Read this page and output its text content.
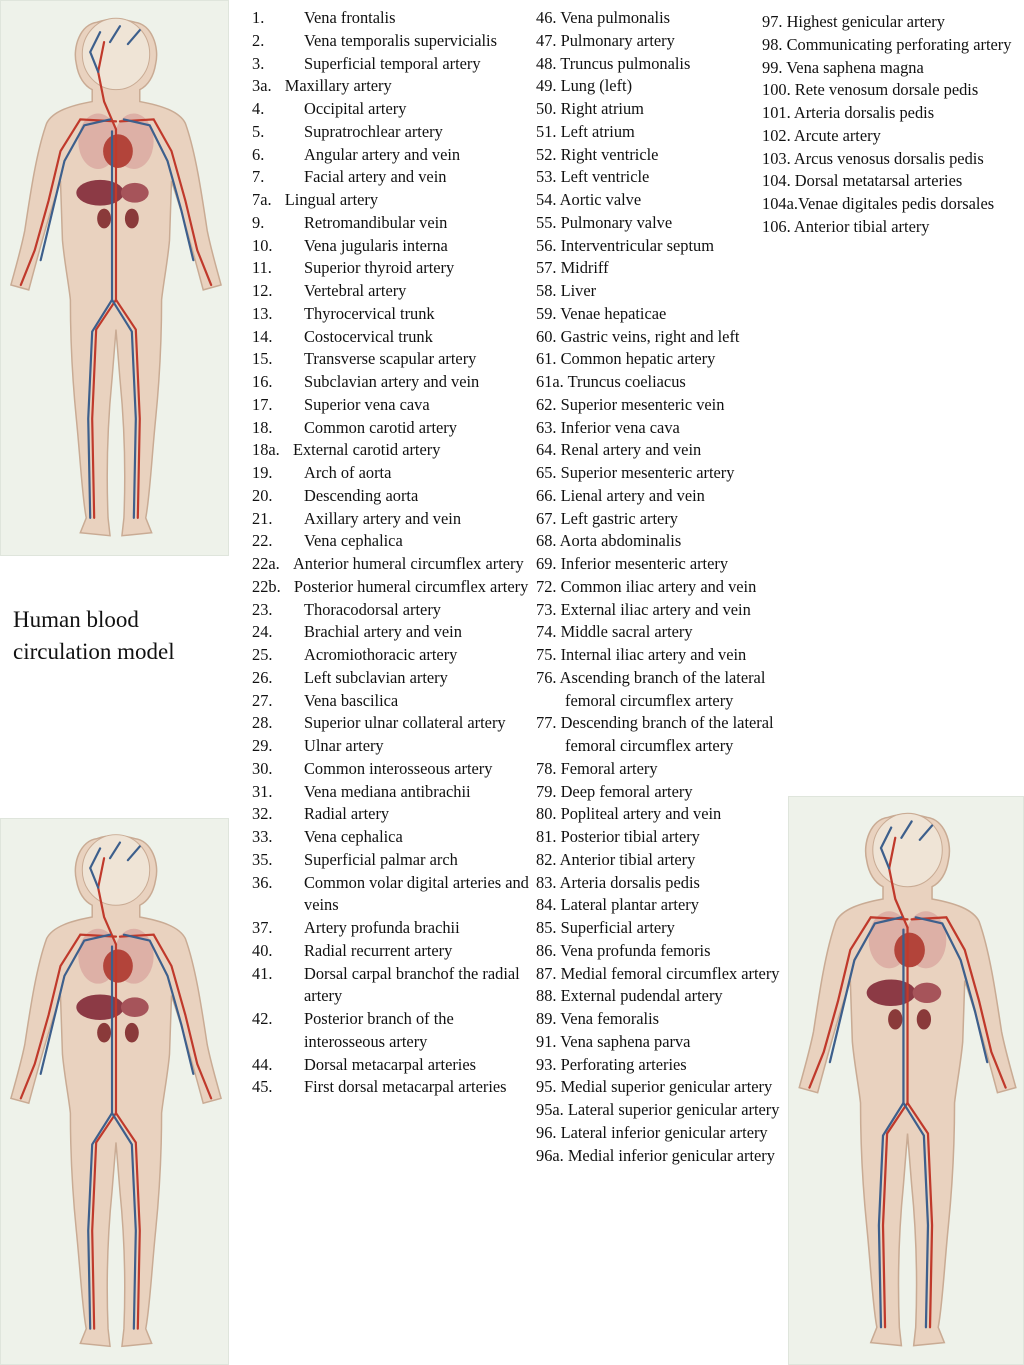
Human blood
circulation model
1.	Vena frontalis
2.	Vena temporalis supervicialis
3.	Superficial temporal artery
3a.  Maxillary artery
4.	Occipital artery
5.	Supratrochlear artery
6.	Angular artery and vein
7.	Facial artery and vein
7a.  Lingual artery
9.	Retromandibular vein
10.	Vena jugularis interna
11.	Superior thyroid artery
12.	Vertebral artery
13.	Thyrocervical trunk
14.	Costocervical trunk
15.	Transverse scapular artery
16.	Subclavian artery and vein
17.	Superior vena cava
18.	Common carotid artery
18a.  External carotid artery
19.	Arch of aorta
20.	Descending aorta
21.	Axillary artery and vein
22.	Vena cephalica
22a.  Anterior humeral circumflex artery
22b.  Posterior humeral circumflex artery
23.	Thoracodorsal artery
24.	Brachial artery and vein
25.	Acromiothoracic artery
26.	Left subclavian artery
27.	Vena bascilica
28.	Superior ulnar collateral artery
29.	Ulnar artery
30.	Common interosseous artery
31.	Vena mediana antibrachii
32.	Radial artery
33.	Vena cephalica
35.	Superficial palmar arch
36.	Common volar digital arteries and veins
37.	Artery profunda brachii
40.	Radial recurrent artery
41.	Dorsal carpal branchof the radial artery
42.	Posterior branch of the interosseous artery
44.	Dorsal metacarpal arteries
45.	First dorsal metacarpal arteries
46. Vena pulmonalis
47. Pulmonary artery
48. Truncus pulmonalis
49. Lung (left)
50. Right atrium
51. Left atrium
52. Right ventricle
53. Left ventricle
54. Aortic valve
55. Pulmonary valve
56. Interventricular septum
57. Midriff
58. Liver
59. Venae hepaticae
60. Gastric veins, right and left
61. Common hepatic artery
61a. Truncus coeliacus
62. Superior mesenteric vein
63. Inferior vena cava
64. Renal artery and vein
65. Superior mesenteric artery
66. Lienal artery and vein
67. Left gastric artery
68. Aorta abdominalis
69. Inferior mesenteric artery
72. Common iliac artery and vein
73. External iliac artery and vein
74. Middle sacral artery
75. Internal iliac artery and vein
76. Ascending branch of the lateral femoral circumflex artery
77. Descending branch of the lateral femoral circumflex artery
78. Femoral artery
79. Deep femoral artery
80. Popliteal artery and vein
81. Posterior tibial artery
82. Anterior tibial artery
83. Arteria dorsalis pedis
84. Lateral plantar artery
85. Superficial artery
86. Vena profunda femoris
87. Medial femoral circumflex artery
88. External pudendal artery
89. Vena femoralis
91. Vena saphena parva
93. Perforating arteries
95. Medial superior genicular artery
95a. Lateral superior genicular artery
96. Lateral inferior genicular artery
96a. Medial inferior genicular artery
97. Highest genicular artery
98. Communicating perforating artery
99. Vena saphena magna
100. Rete venosum dorsale pedis
101. Arteria dorsalis pedis
102. Arcute artery
103. Arcus venosus dorsalis pedis
104. Dorsal metatarsal arteries
104a.Venae digitales pedis dorsales
106. Anterior tibial artery
